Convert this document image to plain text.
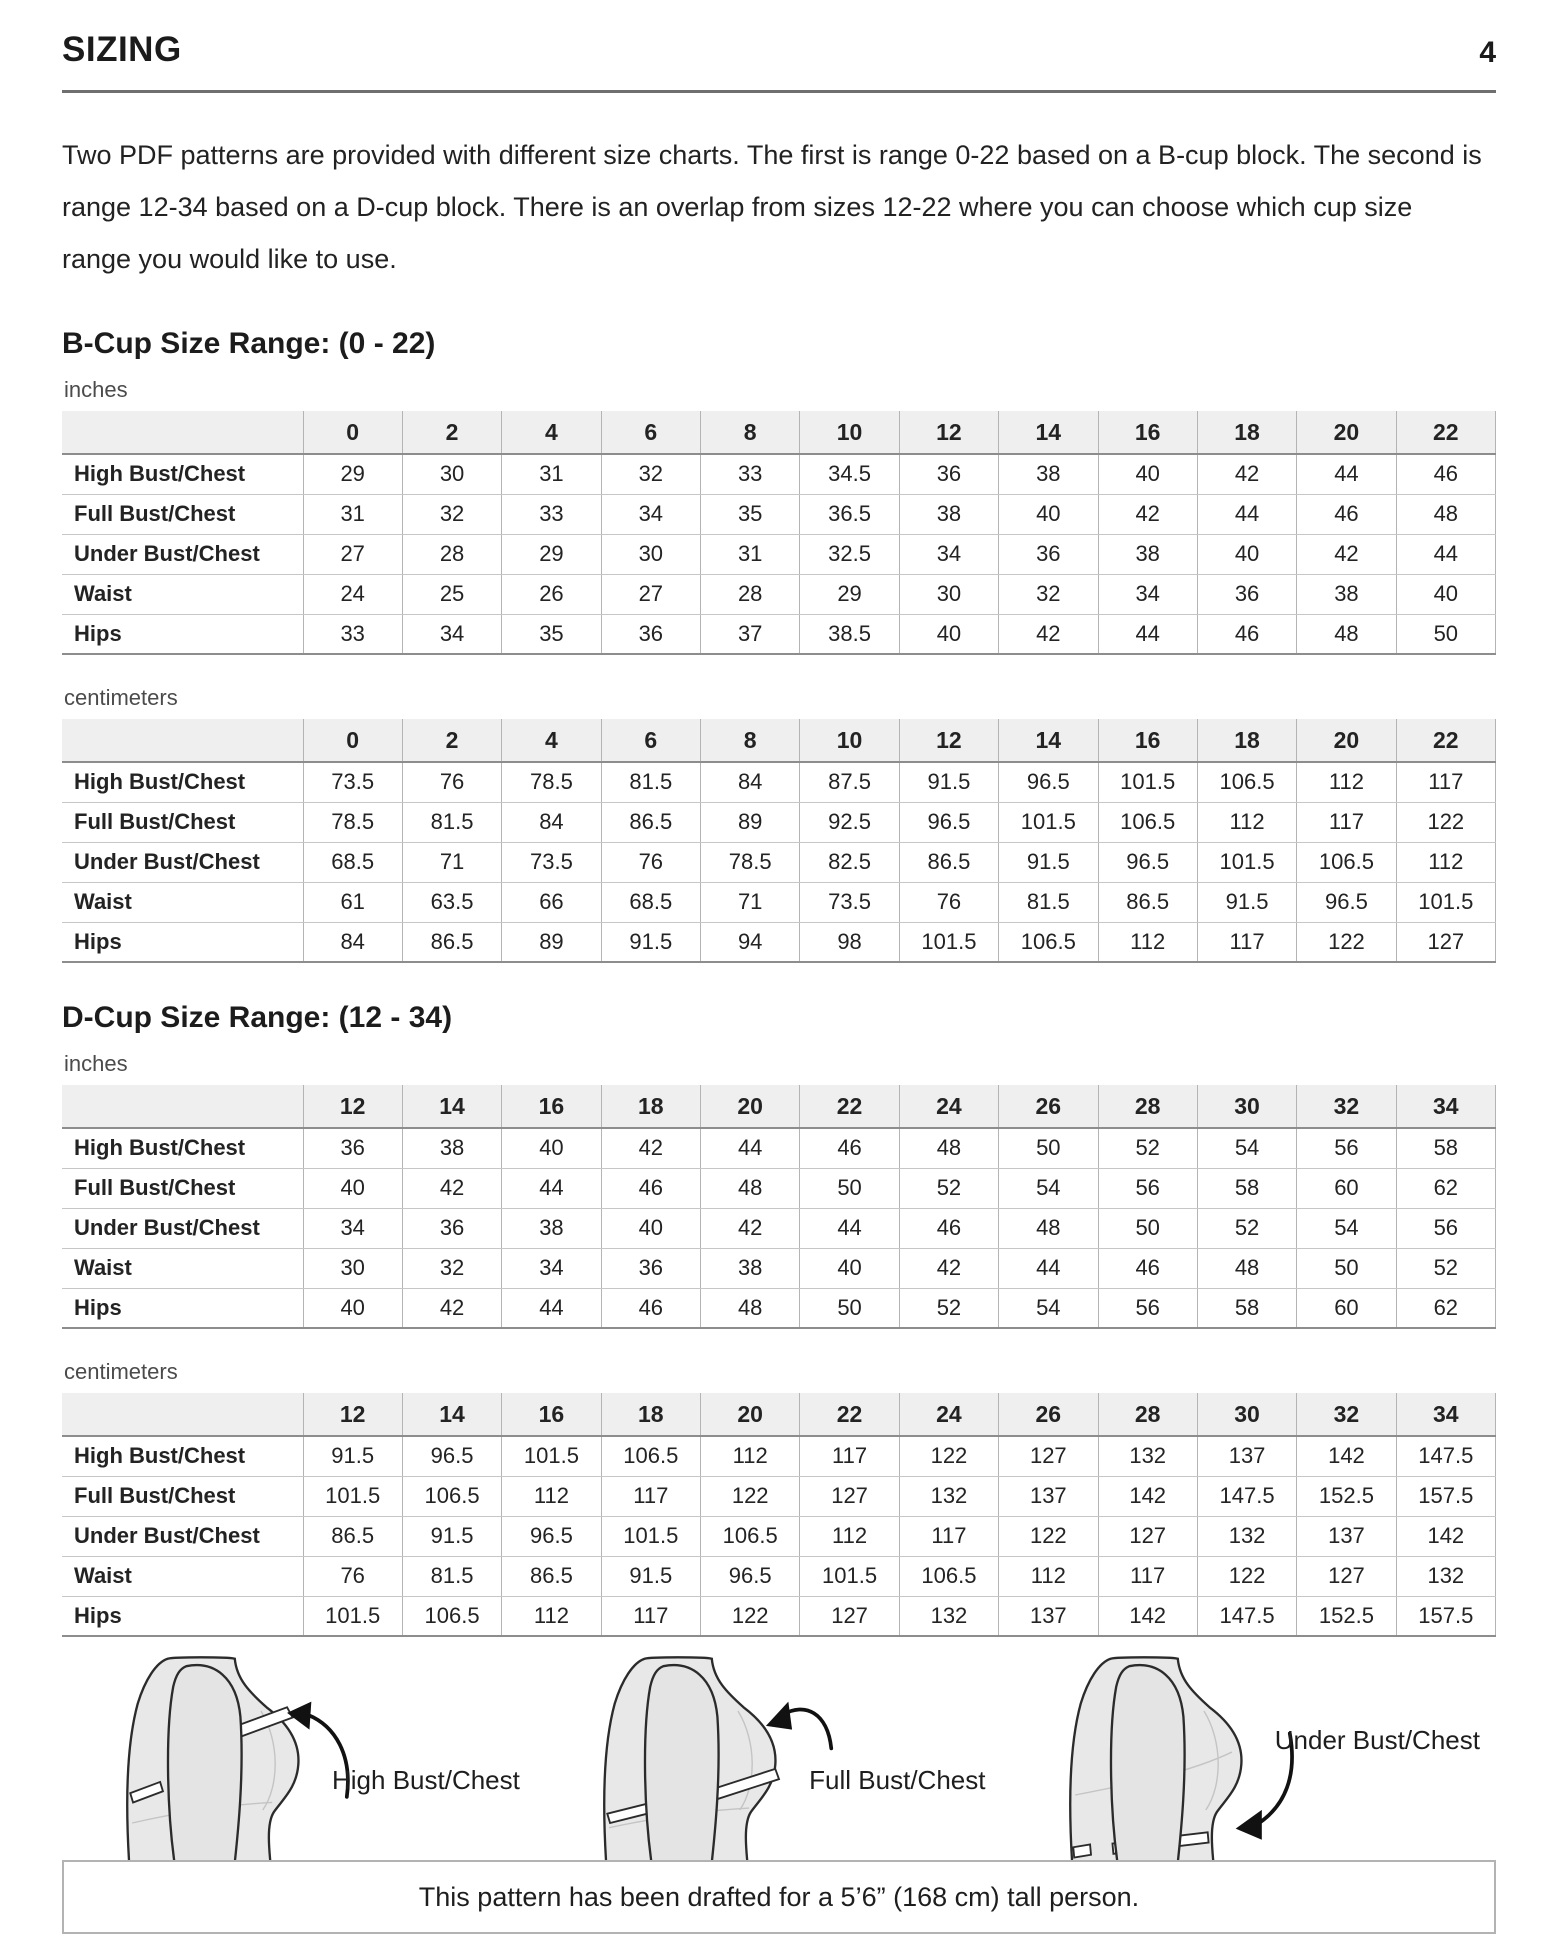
SIZING	4

Two PDF patterns are provided with different size charts. The first is range 0-22 based on a B-cup block. The second is range 12-34 based on a D-cup block. There is an overlap from sizes 12-22 where you can choose which cup size range you would like to use.

B-Cup Size Range: (0 - 22)
inches
	0	2	4	6	8	10	12	14	16	18	20	22
High Bust/Chest	29	30	31	32	33	34.5	36	38	40	42	44	46
Full Bust/Chest	31	32	33	34	35	36.5	38	40	42	44	46	48
Under Bust/Chest	27	28	29	30	31	32.5	34	36	38	40	42	44
Waist	24	25	26	27	28	29	30	32	34	36	38	40
Hips	33	34	35	36	37	38.5	40	42	44	46	48	50
centimeters
	0	2	4	6	8	10	12	14	16	18	20	22
High Bust/Chest	73.5	76	78.5	81.5	84	87.5	91.5	96.5	101.5	106.5	112	117
Full Bust/Chest	78.5	81.5	84	86.5	89	92.5	96.5	101.5	106.5	112	117	122
Under Bust/Chest	68.5	71	73.5	76	78.5	82.5	86.5	91.5	96.5	101.5	106.5	112
Waist	61	63.5	66	68.5	71	73.5	76	81.5	86.5	91.5	96.5	101.5
Hips	84	86.5	89	91.5	94	98	101.5	106.5	112	117	122	127
D-Cup Size Range: (12 - 34)
inches
	12	14	16	18	20	22	24	26	28	30	32	34
High Bust/Chest	36	38	40	42	44	46	48	50	52	54	56	58
Full Bust/Chest	40	42	44	46	48	50	52	54	56	58	60	62
Under Bust/Chest	34	36	38	40	42	44	46	48	50	52	54	56
Waist	30	32	34	36	38	40	42	44	46	48	50	52
Hips	40	42	44	46	48	50	52	54	56	58	60	62
centimeters
	12	14	16	18	20	22	24	26	28	30	32	34
High Bust/Chest	91.5	96.5	101.5	106.5	112	117	122	127	132	137	142	147.5
Full Bust/Chest	101.5	106.5	112	117	122	127	132	137	142	147.5	152.5	157.5
Under Bust/Chest	86.5	91.5	96.5	101.5	106.5	112	117	122	127	132	137	142
Waist	76	81.5	86.5	91.5	96.5	101.5	106.5	112	117	122	127	132
Hips	101.5	106.5	112	117	122	127	132	137	142	147.5	152.5	157.5
High Bust/Chest	Full Bust/Chest
Under Bust/Chest
This pattern has been drafted for a 5’6” (168 cm) tall person.
